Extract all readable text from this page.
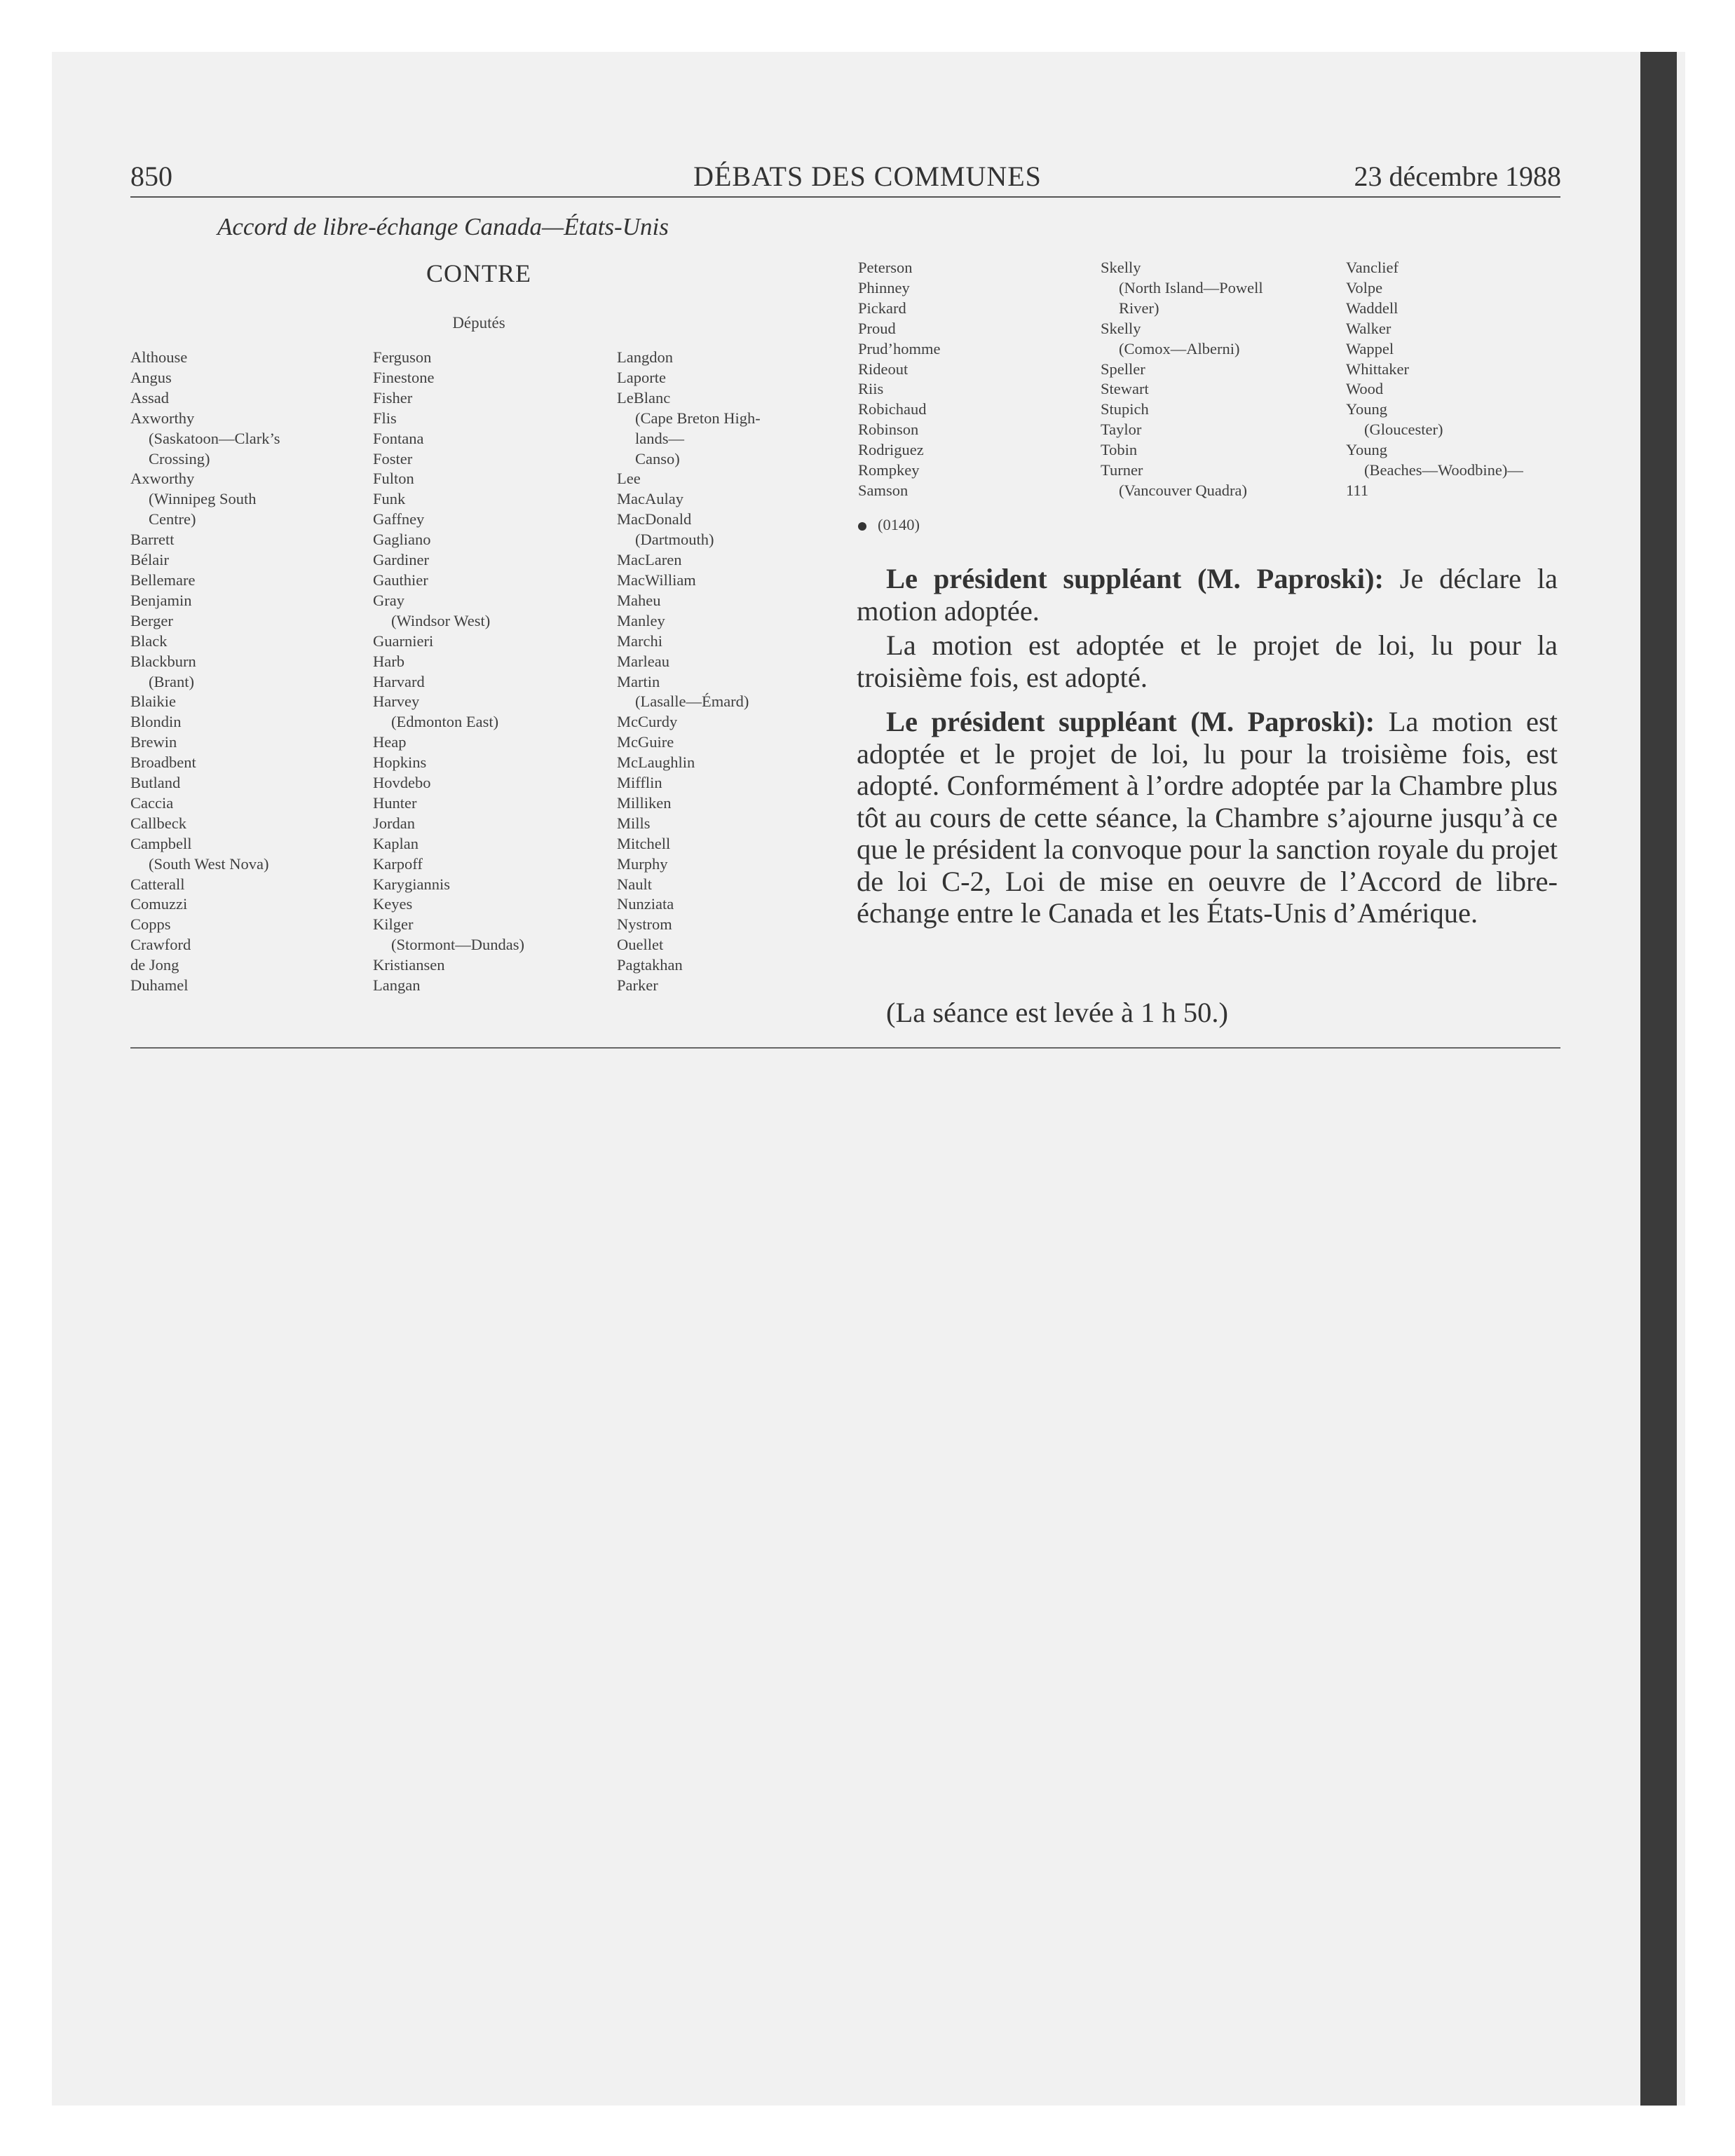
850	DÉBATS DES COMMUNES	23 décembre 1988
Accord de libre-échange Canada—États-Unis
CONTRE
Députés
Althouse
Angus
Assad
Axworthy
(Saskatoon—Clark’s
Crossing)
Axworthy
(Winnipeg South
Centre)
Barrett
Bélair
Bellemare
Benjamin
Berger
Black
Blackburn
(Brant)
Blaikie
Blondin
Brewin
Broadbent
Butland
Caccia
Callbeck
Campbell
(South West Nova)
Catterall
Comuzzi
Copps
Crawford
de Jong
Duhamel
Ferguson
Finestone
Fisher
Flis
Fontana
Foster
Fulton
Funk
Gaffney
Gagliano
Gardiner
Gauthier
Gray
(Windsor West)
Guarnieri
Harb
Harvard
Harvey
(Edmonton East)
Heap
Hopkins
Hovdebo
Hunter
Jordan
Kaplan
Karpoff
Karygiannis
Keyes
Kilger
(Stormont—Dundas)
Kristiansen
Langan
Langdon
Laporte
LeBlanc
(Cape Breton High-
lands—
Canso)
Lee
MacAulay
MacDonald
(Dartmouth)
MacLaren
MacWilliam
Maheu
Manley
Marchi
Marleau
Martin
(Lasalle—Émard)
McCurdy
McGuire
McLaughlin
Mifflin
Milliken
Mills
Mitchell
Murphy
Nault
Nunziata
Nystrom
Ouellet
Pagtakhan
Parker
Peterson
Phinney
Pickard
Proud
Prud’homme
Rideout
Riis
Robichaud
Robinson
Rodriguez
Rompkey
Samson
Skelly
(North Island—Powell
River)
Skelly
(Comox—Alberni)
Speller
Stewart
Stupich
Taylor
Tobin
Turner
(Vancouver Quadra)
Vanclief
Volpe
Waddell
Walker
Wappel
Whittaker
Wood
Young
(Gloucester)
Young
(Beaches—Woodbine)—
111
(0140)

Le président suppléant (M. Paproski): Je déclare la motion adoptée.

La motion est adoptée et le projet de loi, lu pour la troisième fois, est adopté.

Le président suppléant (M. Paproski): La motion est adoptée et le projet de loi, lu pour la troisième fois, est adopté. Conformément à l’ordre adoptée par la Chambre plus tôt au cours de cette séance, la Chambre s’ajourne jusqu’à ce que le président la convoque pour la sanction royale du projet de loi C-2, Loi de mise en oeuvre de l’Accord de libre-échange entre le Canada et les États-Unis d’Amérique.

(La séance est levée à 1 h 50.)
